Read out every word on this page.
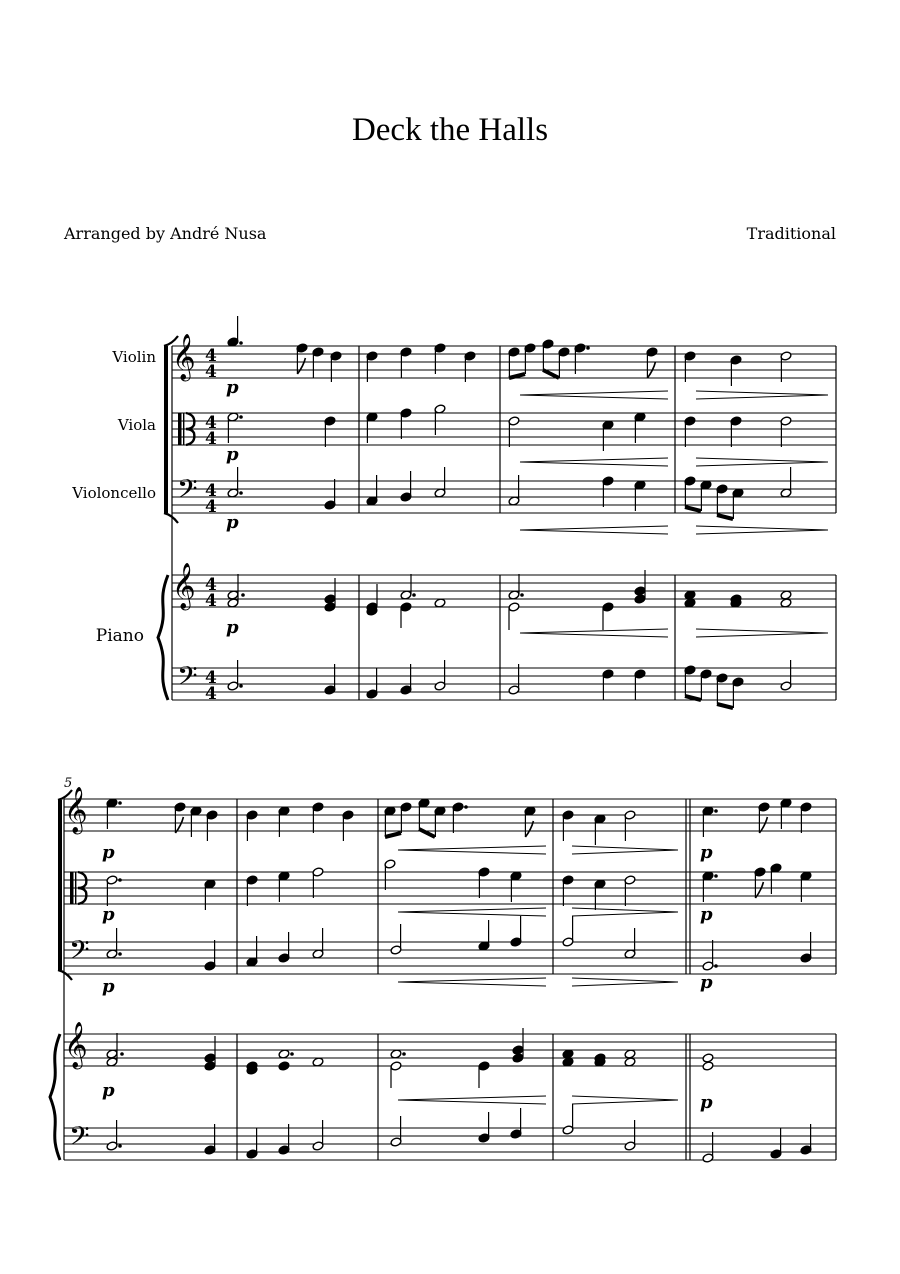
Deck the Halls
Arranged by André Nusa	Traditional
Violin
Viola
Violoncello
Piano
𝄞 4
4
4
4
𝄢 4
4
𝄞 4
4
𝄢 4
4
p
p
p
p
5
𝄞
𝄢
𝄞
𝄢
p
p
p
p
p
p
p
p
